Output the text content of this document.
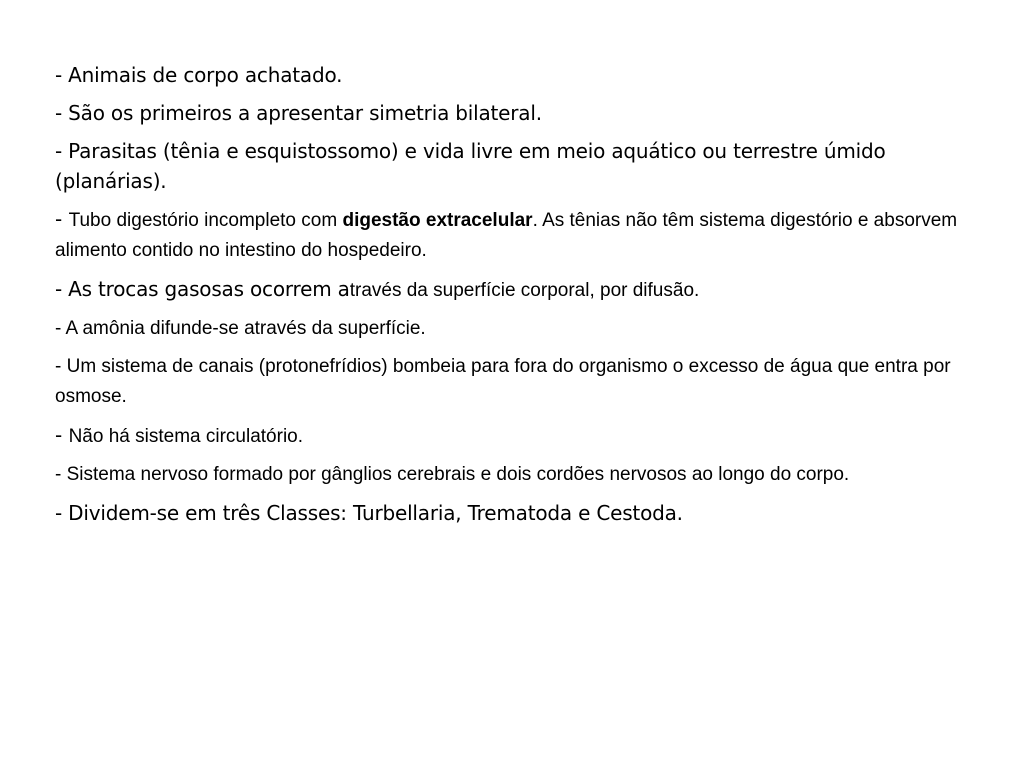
- Animais de corpo achatado.

- São os primeiros a apresentar simetria bilateral.

- Parasitas (tênia e esquistossomo) e vida livre em meio aquático ou terrestre úmido (planárias).

- Tubo digestório incompleto com digestão extracelular. As tênias não têm sistema digestório e absorvem alimento contido no intestino do hospedeiro.

- As trocas gasosas ocorrem através da superfície corporal, por difusão.

- A amônia difunde-se através da superfície.

- Um sistema de canais (protonefrídios) bombeia para fora do organismo o excesso de água que entra por osmose.

- Não há sistema circulatório.

- Sistema nervoso formado por gânglios cerebrais e dois cordões nervosos ao longo do corpo.

- Dividem-se em três Classes: Turbellaria, Trematoda e Cestoda.
